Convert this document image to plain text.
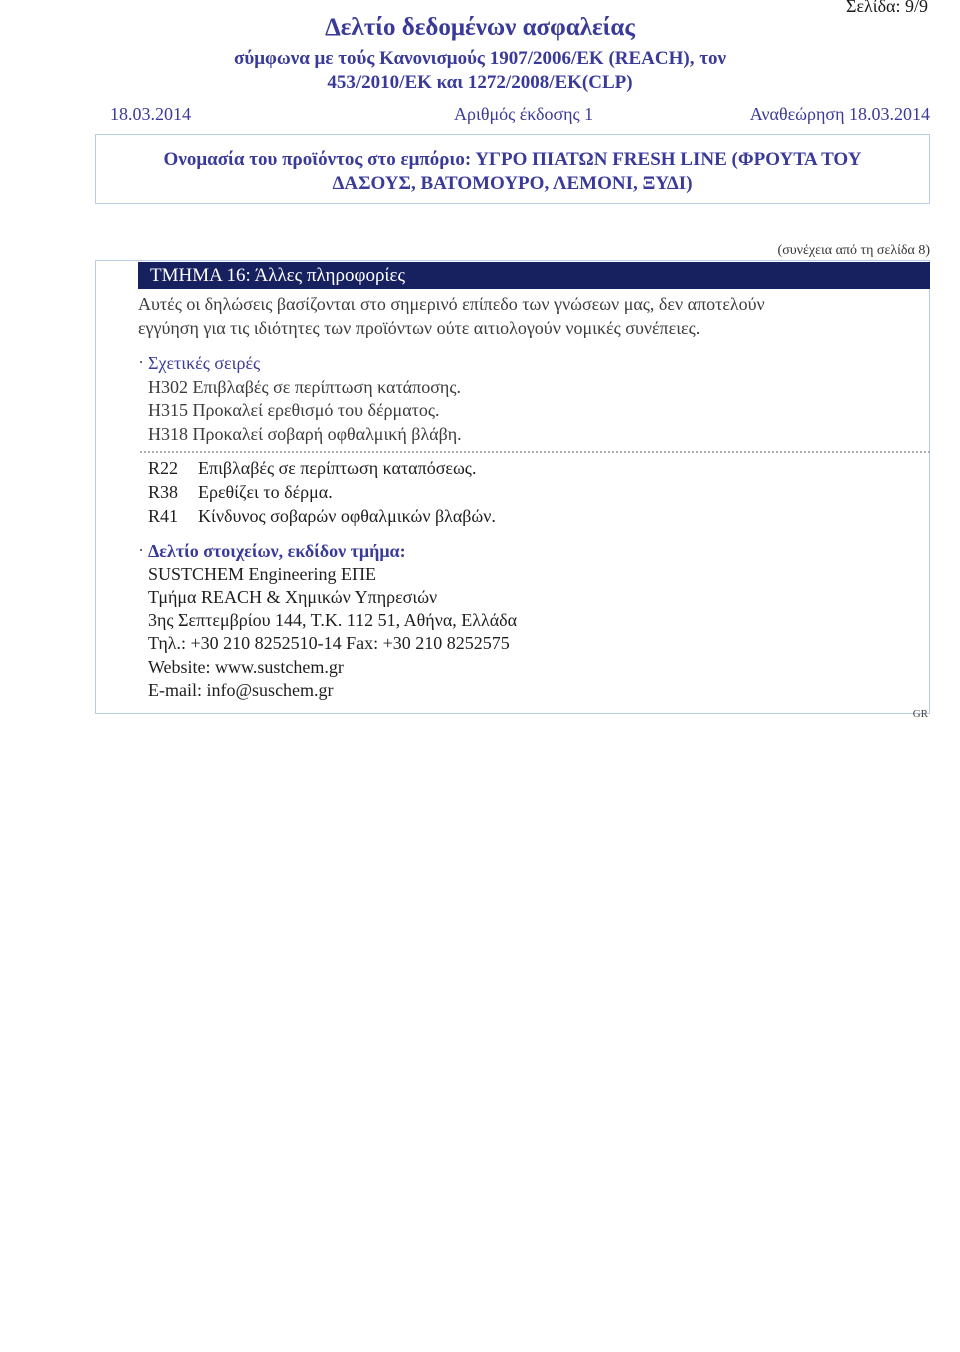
Σελίδα: 9/9
Δελτίο δεδομένων ασφαλείας
σύμφωνα με τούς Κανονισμούς 1907/2006/ΕΚ (REACH), τον
453/2010/ΕΚ και 1272/2008/ΕΚ(CLP)
18.03.2014	Αριθμός έκδοσης 1	Αναθεώρηση 18.03.2014
Ονομασία του προϊόντος στο εμπόριο: ΥΓΡΟ ΠΙΑΤΩΝ FRESH LINE (ΦΡΟΥΤΑ ΤΟΥ
ΔΑΣΟΥΣ, ΒΑΤΟΜΟΥΡΟ, ΛΕΜΟΝΙ, ΞΥΔΙ)
(συνέχεια από τη σελίδα 8)
ΤΜΗΜΑ 16: Άλλες πληροφορίες
Αυτές οι δηλώσεις βασίζονται στο σημερινό επίπεδο των γνώσεων μας, δεν αποτελούν
εγγύηση για τις ιδιότητες των προϊόντων ούτε αιτιολογούν νομικές συνέπειες.
· Σχετικές σειρές
H302 Επιβλαβές σε περίπτωση κατάποσης.
H315 Προκαλεί ερεθισμό του δέρματος.
H318 Προκαλεί σοβαρή οφθαλμική βλάβη.
R22 Επιβλαβές σε περίπτωση καταπόσεως.
R38 Ερεθίζει το δέρμα.
R41 Κίνδυνος σοβαρών οφθαλμικών βλαβών.
· Δελτίο στοιχείων, εκδίδον τμήμα:
SUSTCHEM Engineering ΕΠΕ
Τμήμα REACH & Χημικών Υπηρεσιών
3ης Σεπτεμβρίου 144, Τ.Κ. 112 51, Αθήνα, Ελλάδα
Τηλ.: +30 210 8252510-14 Fax: +30 210 8252575
Website: www.sustchem.gr
E-mail: info@suschem.gr
GR
